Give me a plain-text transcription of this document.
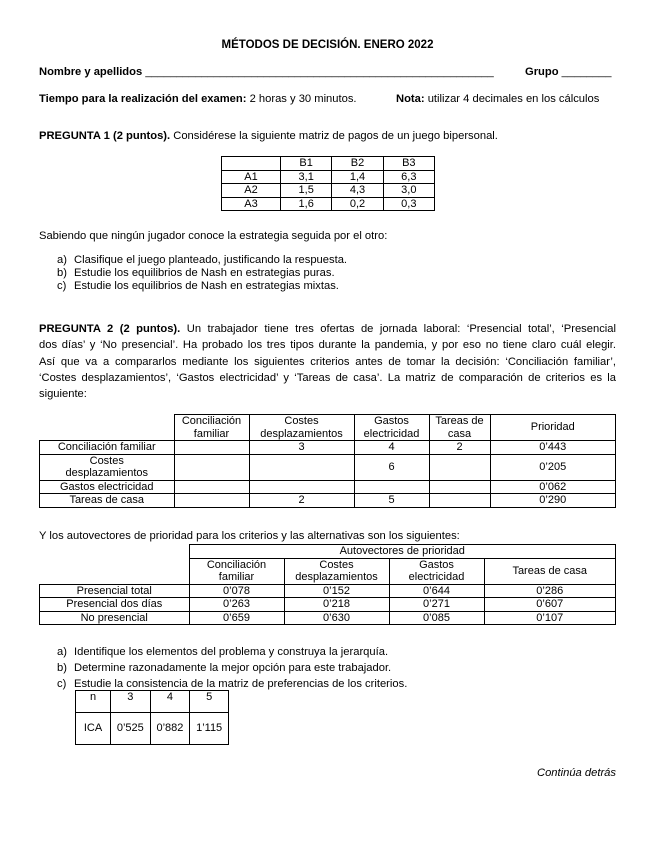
MÉTODOS DE DECISIÓN. ENERO 2022
Nombre y apellidos ________________________________________________________	Grupo ________
Tiempo para la realización del examen: 2 horas y 30 minutos.	Nota: utilizar 4 decimales en los cálculos
PREGUNTA 1 (2 puntos). Considérese la siguiente matriz de pagos de un juego bipersonal.
	B1	B2	B3
A1	3,1	1,4	6,3
A2	1,5	4,3	3,0
A3	1,6	0,2	0,3
Sabiendo que ningún jugador conoce la estrategia seguida por el otro:
a) Clasifique el juego planteado, justificando la respuesta.
b) Estudie los equilibrios de Nash en estrategias puras.
c) Estudie los equilibrios de Nash en estrategias mixtas.
PREGUNTA 2 (2 puntos). Un trabajador tiene tres ofertas de jornada laboral: ‘Presencial total’, ‘Presencial
dos días’ y ‘No presencial’. Ha probado los tres tipos durante la pandemia, y por eso no tiene claro cuál elegir.
Así que va a compararlos mediante los siguientes criterios antes de tomar la decisión: ‘Conciliación familiar’,
‘Costes desplazamientos’, ‘Gastos electricidad’ y ‘Tareas de casa’. La matriz de comparación de criterios es la
siguiente:
	Conciliación familiar	Costes desplazamientos	Gastos electricidad	Tareas de casa	Prioridad
Conciliación familiar		3	4	2	0’443
Costes desplazamientos			6		0’205
Gastos electricidad					0’062
Tareas de casa		2	5		0’290
Y los autovectores de prioridad para los criterios y las alternativas son los siguientes:
	Autovectores de prioridad			
	Conciliación familiar	Costes desplazamientos	Gastos electricidad	Tareas de casa
Presencial total	0’078	0’152	0’644	0’286
Presencial dos días	0’263	0’218	0’271	0’607
No presencial	0’659	0’630	0’085	0’107
a) Identifique los elementos del problema y construya la jerarquía.
b) Determine razonadamente la mejor opción para este trabajador.
c) Estudie la consistencia de la matriz de preferencias de los criterios.
n	3	4	5
ICA	0’525	0’882	1’115
Continúa detrás
